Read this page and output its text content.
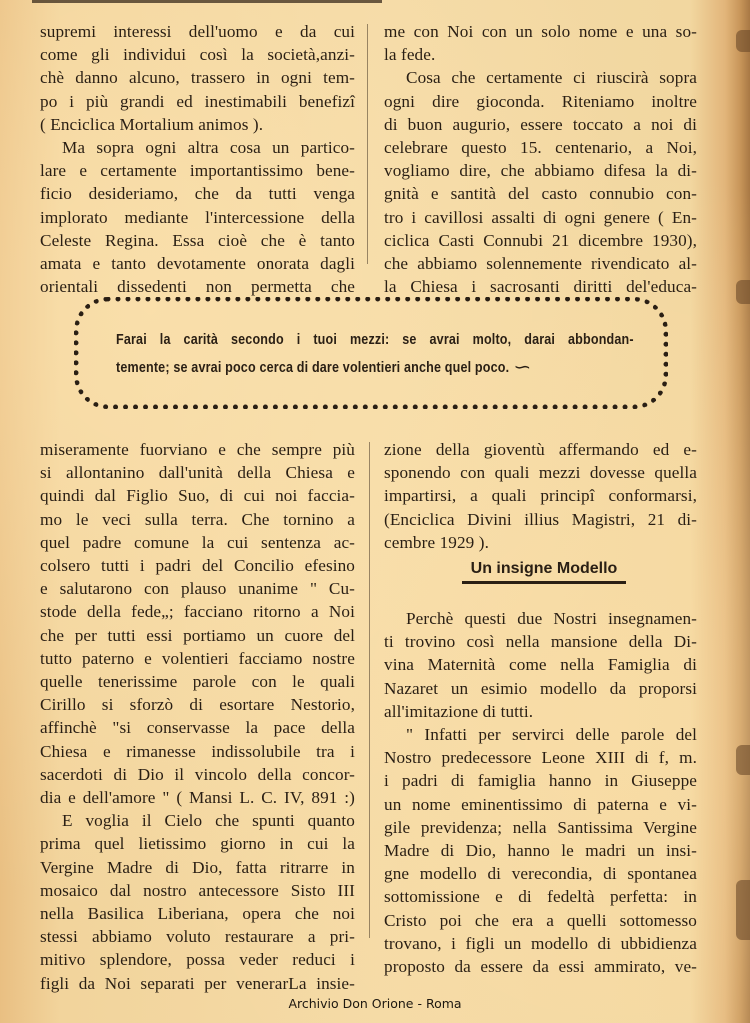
supremi interessi dell'uomo e da cui
come gli individui così la società,anzi-
chè danno alcuno, trassero in ogni tem-
po i più grandi ed inestimabili benefizî
( Enciclica Mortalium animos ).
Ma sopra ogni altra cosa un partico-
lare e certamente importantissimo bene-
ficio desideriamo, che da tutti venga
implorato mediante l'intercessione della
Celeste Regina. Essa cioè che è tanto
amata e tanto devotamente onorata dagli
orientali dissedenti non permetta che
me con Noi con un solo nome e una so-
la fede.
Cosa che certamente ci riuscirà sopra
ogni dire gioconda. Riteniamo inoltre
di buon augurio, essere toccato a noi di
celebrare questo 15. centenario, a Noi,
vogliamo dire, che abbiamo difesa la di-
gnità e santità del casto connubio con-
tro i cavillosi assalti di ogni genere ( En-
ciclica Casti Connubi 21 dicembre 1930),
che abbiamo solennemente rivendicato al-
la Chiesa i sacrosanti diritti del'educa-
Farai la carità secondo i tuoi mezzi: se avrai molto, darai abbondan-
temente; se avrai poco cerca di dare volentieri anche quel poco. ∽
miseramente fuorviano e che sempre più
si allontanino dall'unità della Chiesa e
quindi dal Figlio Suo, di cui noi faccia-
mo le veci sulla terra. Che tornino a
quel padre comune la cui sentenza ac-
colsero tutti i padri del Concilio efesino
e salutarono con plauso unanime " Cu-
stode della fede„; facciano ritorno a Noi
che per tutti essi portiamo un cuore del
tutto paterno e volentieri facciamo nostre
quelle tenerissime parole con le quali
Cirillo si sforzò di esortare Nestorio,
affinchè "si conservasse la pace della
Chiesa e rimanesse indissolubile tra i
sacerdoti di Dio il vincolo della concor-
dia e dell'amore " ( Mansi L. C. IV, 891 :)
E voglia il Cielo che spunti quanto
prima quel lietissimo giorno in cui la
Vergine Madre di Dio, fatta ritrarre in
mosaico dal nostro antecessore Sisto III
nella Basilica Liberiana, opera che noi
stessi abbiamo voluto restaurare a pri-
mitivo splendore, possa veder reduci i
figli da Noi separati per venerarLa insie-
zione della gioventù affermando ed e-
sponendo con quali mezzi dovesse quella
impartirsi, a quali principî conformarsi,
(Enciclica Divini illius Magistri, 21 di-
cembre 1929 ).
Perchè questi due Nostri insegnamen-
ti trovino così nella mansione della Di-
vina Maternità come nella Famiglia di
Nazaret un esimio modello da proporsi
all'imitazione di tutti.
" Infatti per servirci delle parole del
Nostro predecessore Leone XIII di f, m.
i padri di famiglia hanno in Giuseppe
un nome eminentissimo di paterna e vi-
gile previdenza; nella Santissima Vergine
Madre di Dio, hanno le madri un insi-
gne modello di verecondia, di spontanea
sottomissione e di fedeltà perfetta: in
Cristo poi che era a quelli sottomesso
trovano, i figli un modello di ubbidienza
proposto da essere da essi ammirato, ve-
Un insigne Modello
Archivio Don Orione - Roma
